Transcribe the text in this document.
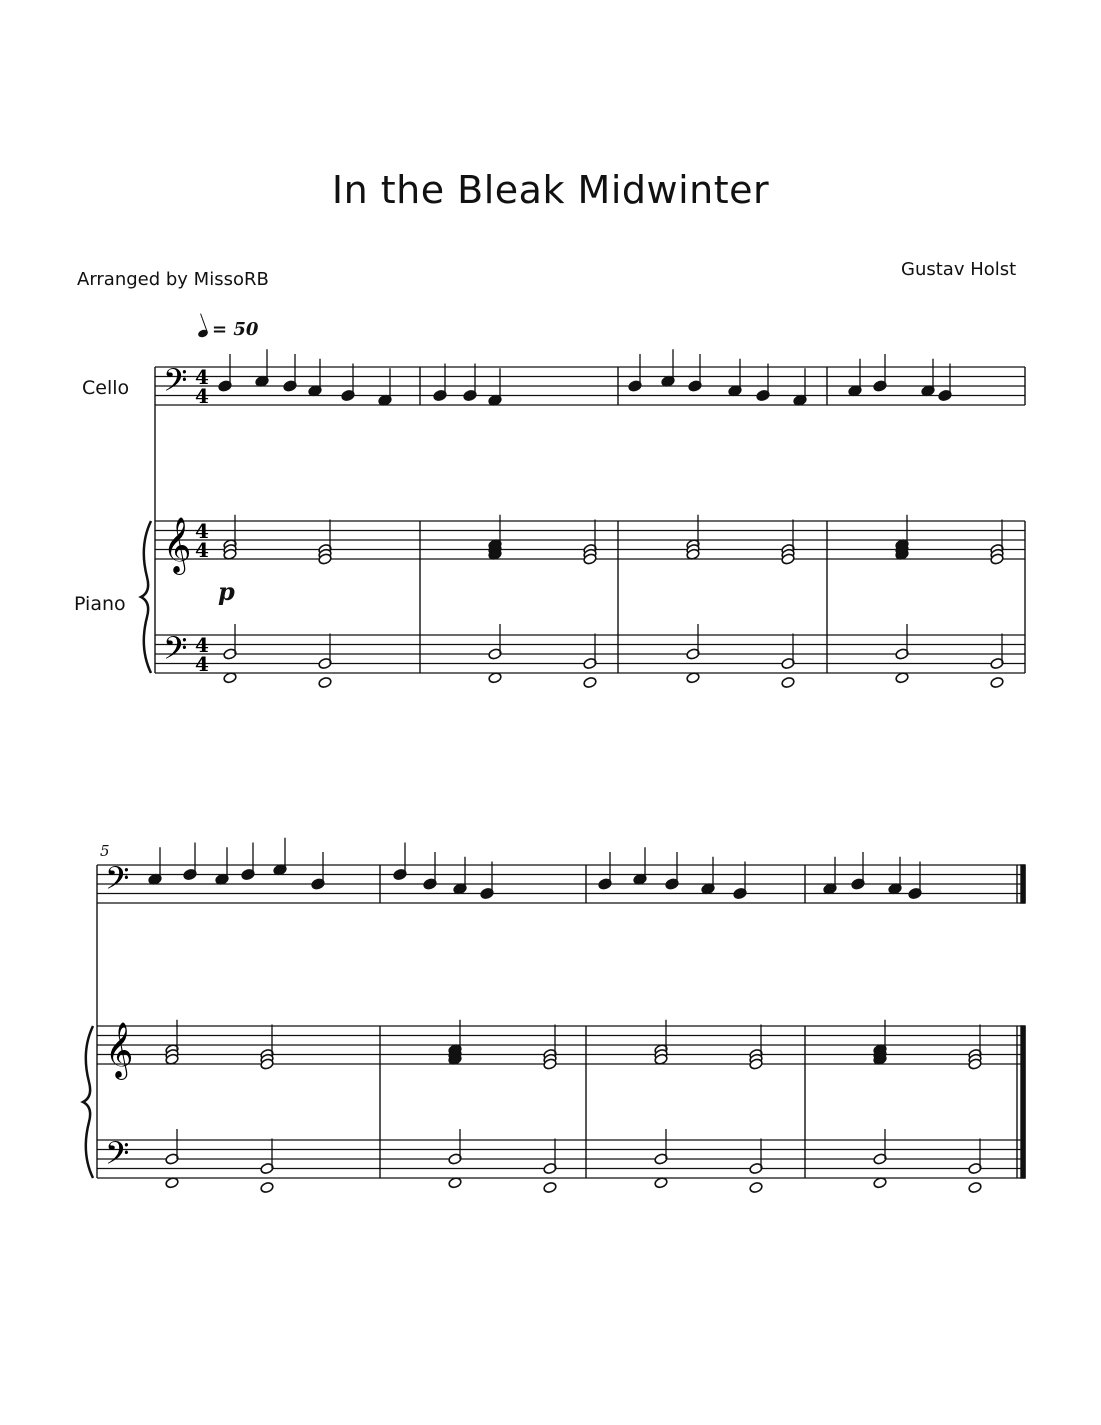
In the Bleak Midwinter
Arranged by MissoRB	Gustav Holst
= 50
Cello
Piano
5
p
𝄢
𝄞
𝄢
4
4
4
4
4
4
𝄢
𝄞
𝄢
